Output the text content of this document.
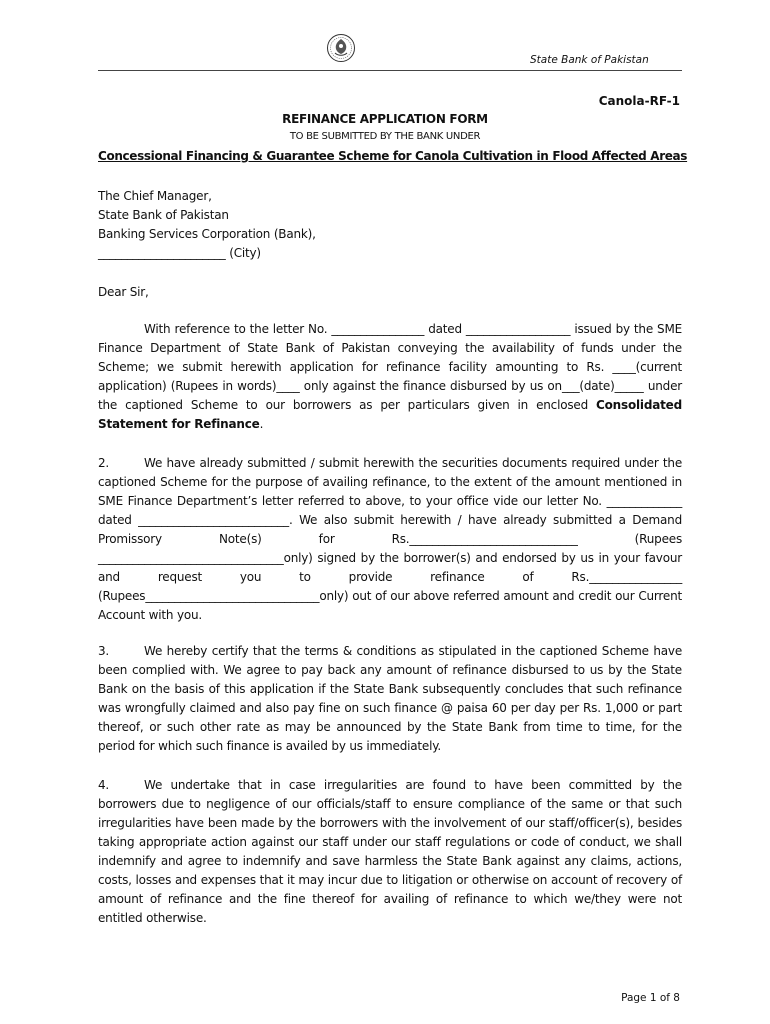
State Bank of Pakistan
Canola-RF-1
REFINANCE APPLICATION FORM
TO BE SUBMITTED BY THE BANK UNDER
Concessional Financing & Guarantee Scheme for Canola Cultivation in Flood Affected Areas
The Chief Manager,
State Bank of Pakistan
Banking Services Corporation (Bank),
______________________ (City)
Dear Sir,
With reference to the letter No. ________________ dated __________________ issued by the SME Finance Department of State Bank of Pakistan conveying the availability of funds under the Scheme; we submit herewith application for refinance facility amounting to Rs. ____(current application) (Rupees in words)____ only against the finance disbursed by us on___(date)_____ under the captioned Scheme to our borrowers as per particulars given in enclosed Consolidated Statement for Refinance.
2.	We have already submitted / submit herewith the securities documents required under the captioned Scheme for the purpose of availing refinance, to the extent of the amount mentioned in SME Finance Department’s letter referred to above, to your office vide our letter No. _____________ dated __________________________. We also submit herewith / have already submitted a Demand Promissory Note(s) for Rs._____________________________ (Rupees ________________________________only) signed by the borrower(s) and endorsed by us in your favour and request you to provide refinance of Rs.________________ (Rupees______________________________only) out of our above referred amount and credit our Current Account with you.
3.	We hereby certify that the terms & conditions as stipulated in the captioned Scheme have been complied with. We agree to pay back any amount of refinance disbursed to us by the State Bank on the basis of this application if the State Bank subsequently concludes that such refinance was wrongfully claimed and also pay fine on such finance @ paisa 60 per day per Rs. 1,000 or part thereof, or such other rate as may be announced by the State Bank from time to time, for the period for which such finance is availed by us immediately.
4.	We undertake that in case irregularities are found to have been committed by the borrowers due to negligence of our officials/staff to ensure compliance of the same or that such irregularities have been made by the borrowers with the involvement of our staff/officer(s), besides taking appropriate action against our staff under our staff regulations or code of conduct, we shall indemnify and agree to indemnify and save harmless the State Bank against any claims, actions, costs, losses and expenses that it may incur due to litigation or otherwise on account of recovery of amount of refinance and the fine thereof for availing of refinance to which we/they were not entitled otherwise.
Page 1 of 8
